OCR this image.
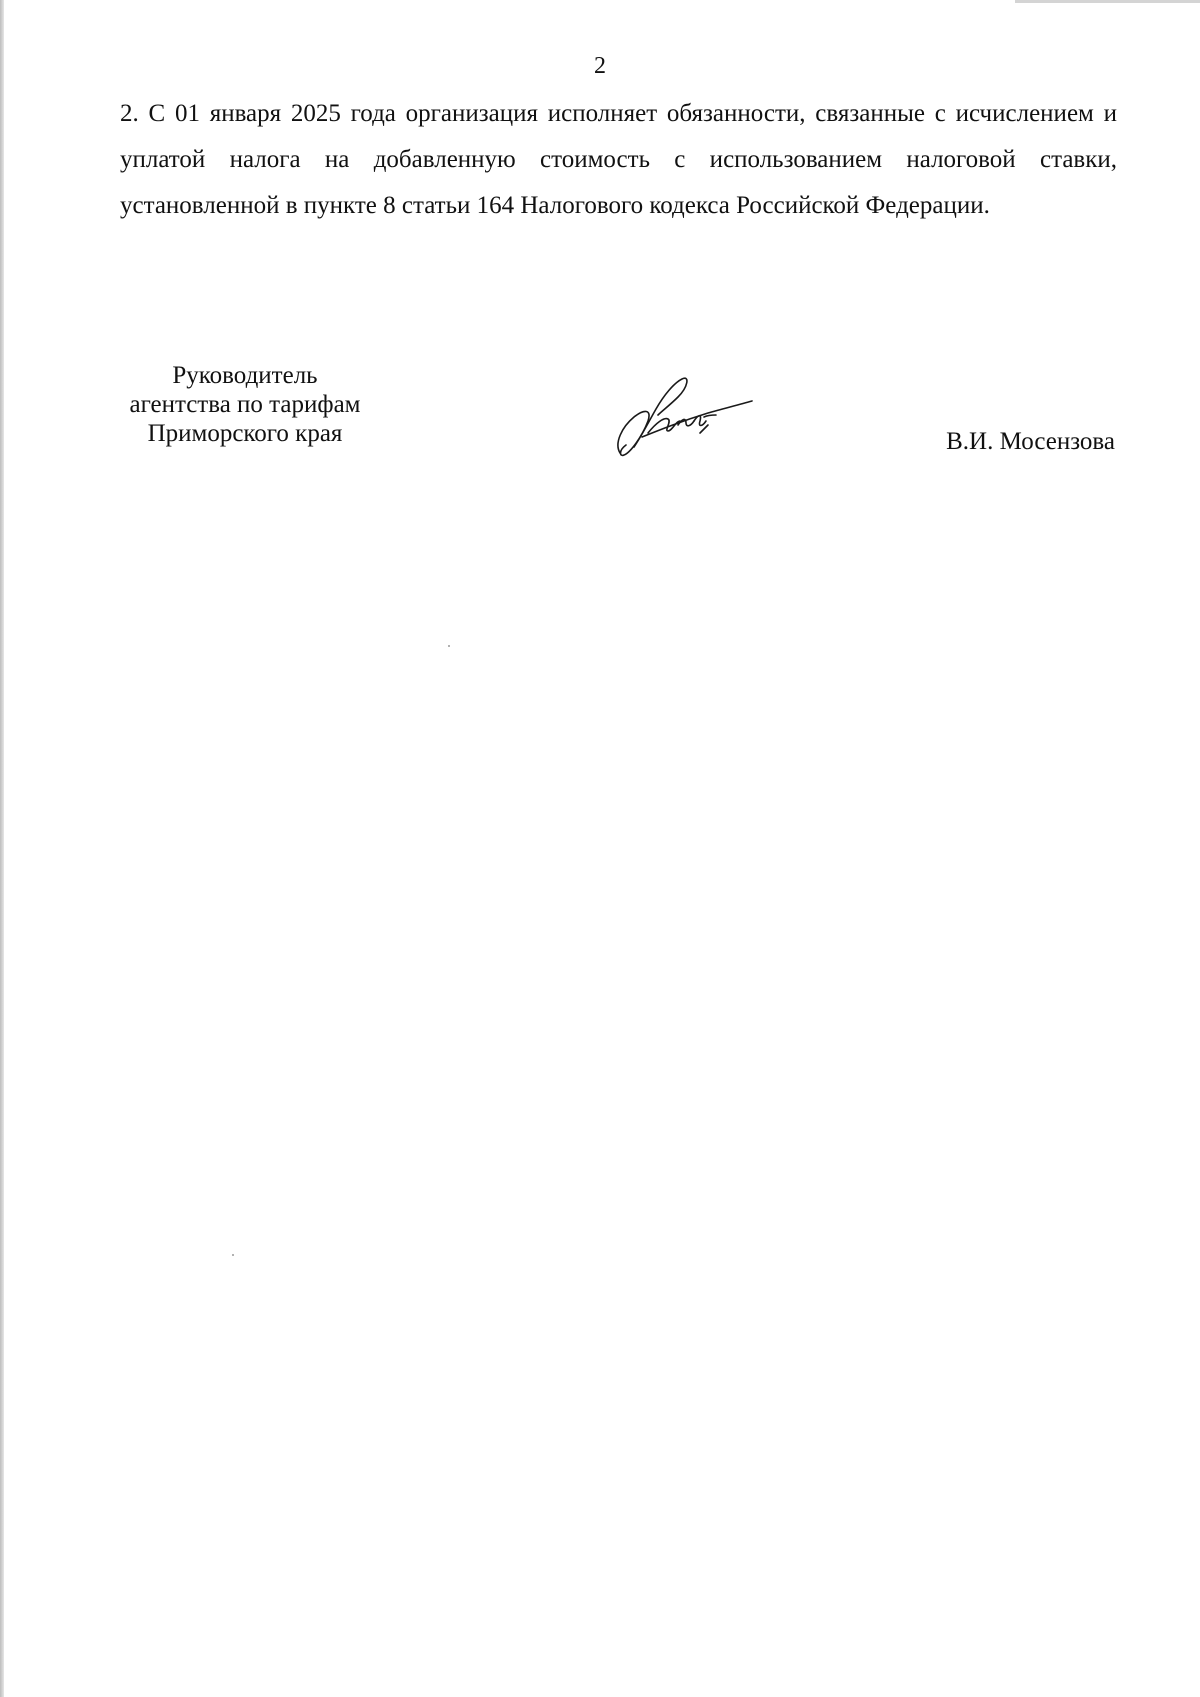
2

2. С 01 января 2025 года организация исполняет обязанности, связанные с исчислением и уплатой налога на добавленную стоимость с использованием налоговой ставки, установленной в пункте 8 статьи 164 Налогового кодекса Российской Федерации.

Руководитель
агентства по тарифам
Приморского края	В.И. Мосензова
